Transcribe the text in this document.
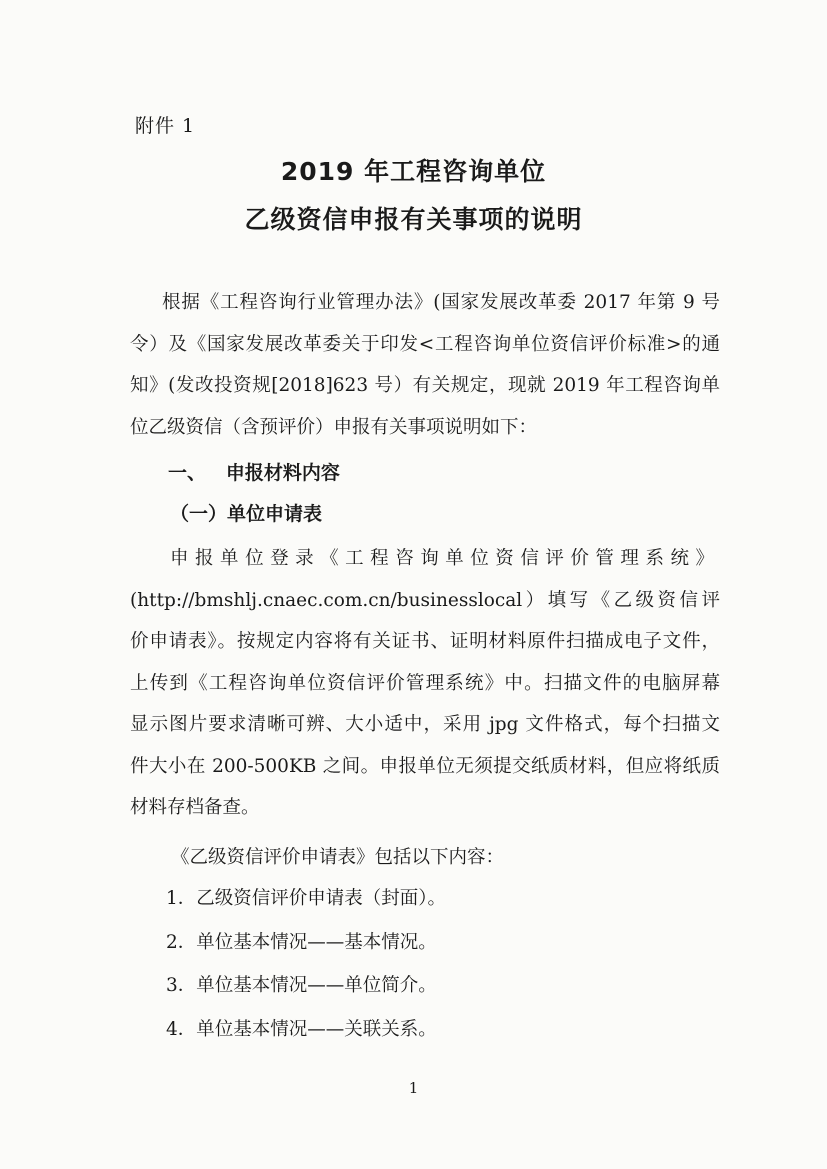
附件 1
2019 年工程咨询单位
乙级资信申报有关事项的说明
根据《工程咨询行业管理办法》(国家发展改革委 2017 年第 9 号
令）及《国家发展改革委关于印发<工程咨询单位资信评价标准>的通
知》(发改投资规[2018]623 号）有关规定，现就 2019 年工程咨询单
位乙级资信（含预评价）申报有关事项说明如下：
一、   申报材料内容
（一）单位申请表
申报单位登录《工程咨询单位资信评价管理系统》
(http://bmshlj.cnaec.com.cn/businesslocal）填写《乙级资信评
价申请表》。按规定内容将有关证书、证明材料原件扫描成电子文件，
上传到《工程咨询单位资信评价管理系统》中。扫描文件的电脑屏幕
显示图片要求清晰可辨、大小适中，采用 jpg 文件格式，每个扫描文
件大小在 200-500KB 之间。申报单位无须提交纸质材料，但应将纸质
材料存档备查。
《乙级资信评价申请表》包括以下内容：
1．乙级资信评价申请表（封面）。
2．单位基本情况——基本情况。
3．单位基本情况——单位简介。
4．单位基本情况——关联关系。
1
